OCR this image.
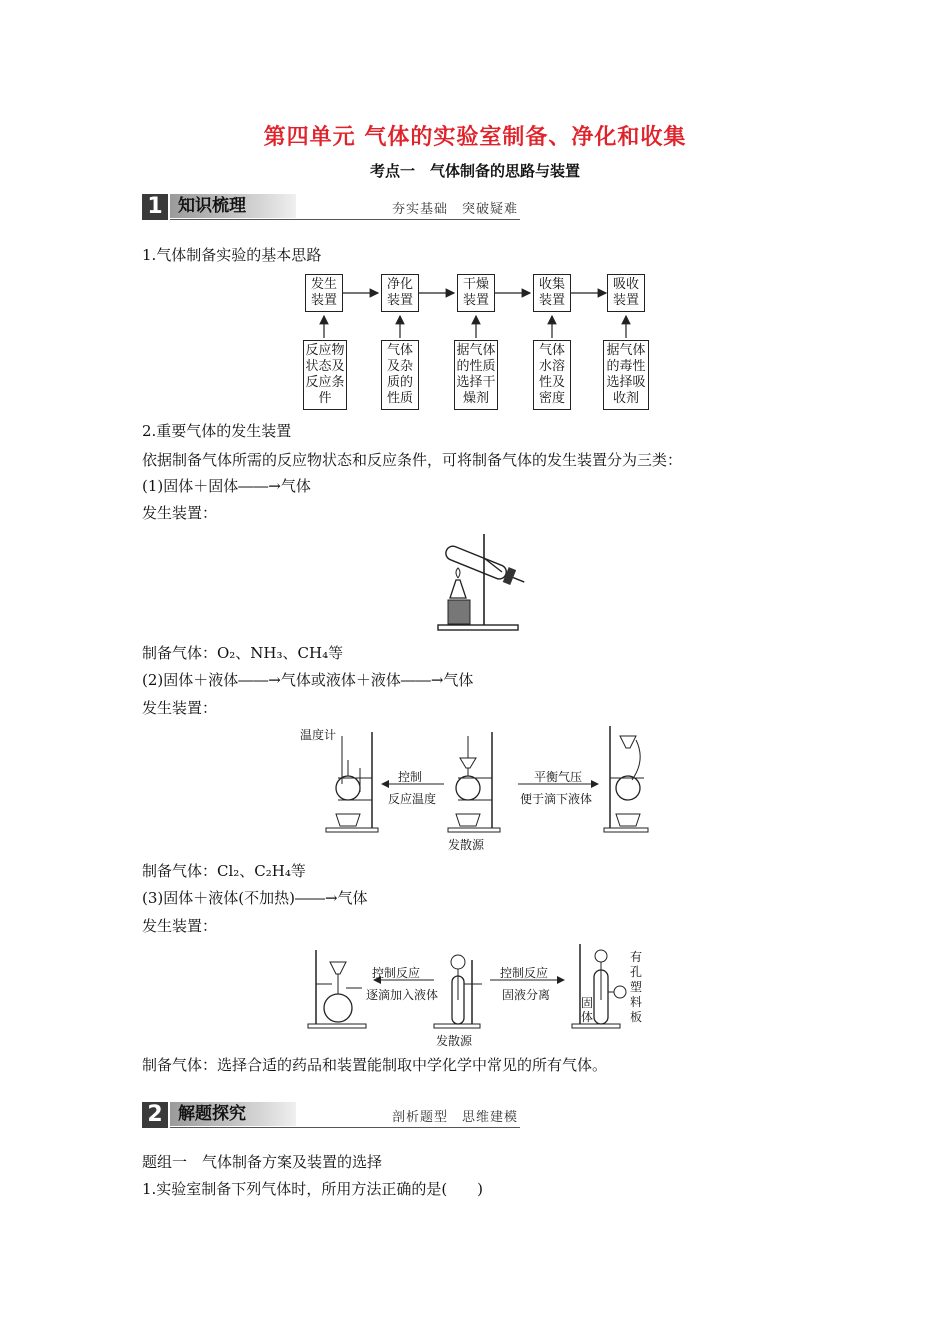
第四单元 气体的实验室制备、净化和收集
考点一　气体制备的思路与装置
1 知识梳理	夯实基础　突破疑难
1.气体制备实验的基本思路
发生
装置
净化
装置
干燥
装置
收集
装置
吸收
装置
反应物
状态及
反应条
件
气体
及杂
质的
性质
据气体
的性质
选择干
燥剂
气体
水溶
性及
密度
据气体
的毒性
选择吸
收剂
2.重要气体的发生装置
依据制备气体所需的反应物状态和反应条件，可将制备气体的发生装置分为三类：
(1)固体＋固体――→气体
发生装置：
制备气体：O₂、NH₃、CH₄等
(2)固体＋液体――→气体或液体＋液体――→气体
发生装置：
温度计
控制
反应温度
平衡气压
便于滴下液体
发散源
制备气体：Cl₂、C₂H₄等
(3)固体＋液体(不加热)――→气体
发生装置：
控制反应
逐滴加入液体
控制反应
固液分离
发散源
固体
有孔塑料板
制备气体：选择合适的药品和装置能制取中学化学中常见的所有气体。
2 解题探究	剖析题型　思维建模
题组一　气体制备方案及装置的选择
1.实验室制备下列气体时，所用方法正确的是(　　)
